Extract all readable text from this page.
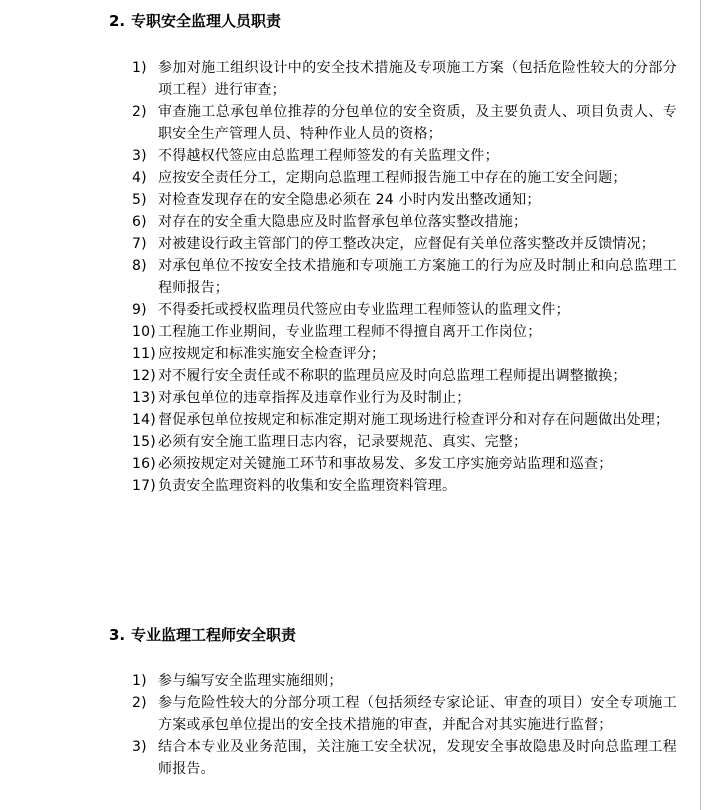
2. 专职安全监理人员职责
1) 参加对施工组织设计中的安全技术措施及专项施工方案（包括危险性较大的分部分项工程）进行审查；
2) 审查施工总承包单位推荐的分包单位的安全资质，及主要负责人、项目负责人、专职安全生产管理人员、特种作业人员的资格；
3) 不得越权代签应由总监理工程师签发的有关监理文件；
4) 应按安全责任分工，定期向总监理工程师报告施工中存在的施工安全问题；
5) 对检查发现存在的安全隐患必须在 24 小时内发出整改通知；
6) 对存在的安全重大隐患应及时监督承包单位落实整改措施；
7) 对被建设行政主管部门的停工整改决定，应督促有关单位落实整改并反馈情况；
8) 对承包单位不按安全技术措施和专项施工方案施工的行为应及时制止和向总监理工程师报告；
9) 不得委托或授权监理员代签应由专业监理工程师签认的监理文件；
10) 工程施工作业期间，专业监理工程师不得擅自离开工作岗位；
11) 应按规定和标准实施安全检查评分；
12) 对不履行安全责任或不称职的监理员应及时向总监理工程师提出调整撤换；
13) 对承包单位的违章指挥及违章作业行为及时制止；
14) 督促承包单位按规定和标准定期对施工现场进行检查评分和对存在问题做出处理；
15) 必须有安全施工监理日志内容，记录要规范、真实、完整；
16) 必须按规定对关键施工环节和事故易发、多发工序实施旁站监理和巡查；
17) 负责安全监理资料的收集和安全监理资料管理。
3. 专业监理工程师安全职责
1) 参与编写安全监理实施细则；
2) 参与危险性较大的分部分项工程（包括须经专家论证、审查的项目）安全专项施工方案或承包单位提出的安全技术措施的审查，并配合对其实施进行监督；
3) 结合本专业及业务范围，关注施工安全状况，发现安全事故隐患及时向总监理工程师报告。
